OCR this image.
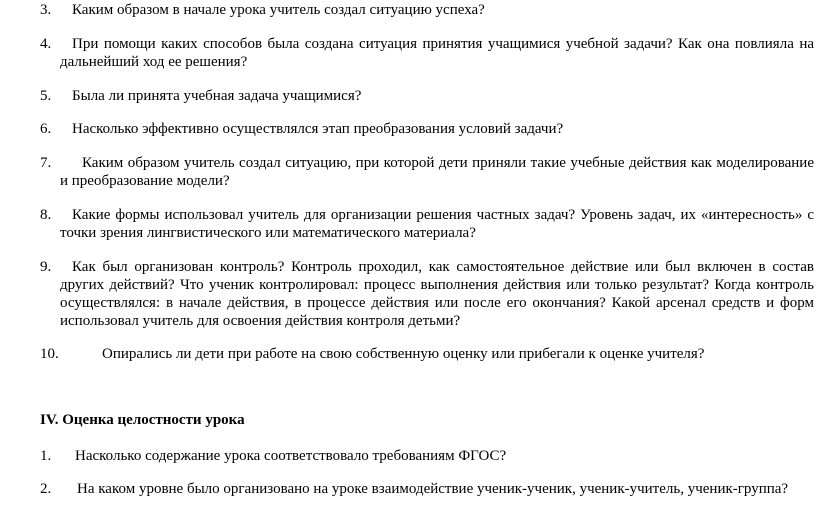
3. Каким образом в начале урока учитель создал ситуацию успеха?
4.	При помощи каких способов была создана ситуация принятия учащимися учебной задачи? Как она повлияла на дальнейший ход ее решения?
5. Была ли принята учебная задача учащимися?
6. Насколько эффективно осуществлялся этап преобразования условий задачи?
7.	Каким образом учитель создал ситуацию, при которой дети приняли такие учебные действия как моделирование и преобразование модели?
8.	Какие формы использовал учитель для организации решения частных задач? Уровень задач, их «интересность» с точки зрения лингвистического или математического материала?
9.	Как был организован контроль? Контроль проходил, как самостоятельное действие или был включен в состав других действий? Что ученик контролировал: процесс выполнения действия или только результат? Когда контроль осуществлялся: в начале действия, в процессе действия или после его окончания? Какой арсенал средств и форм использовал учитель для освоения действия контроля детьми?
10.	Опирались ли дети при работе на свою собственную оценку или прибегали к оценке учителя?
IV. Оценка целостности урока
1. Насколько содержание урока соответствовало требованиям ФГОС?
2. На каком уровне было организовано на уроке взаимодействие ученик-ученик, ученик-учитель, ученик-группа?
